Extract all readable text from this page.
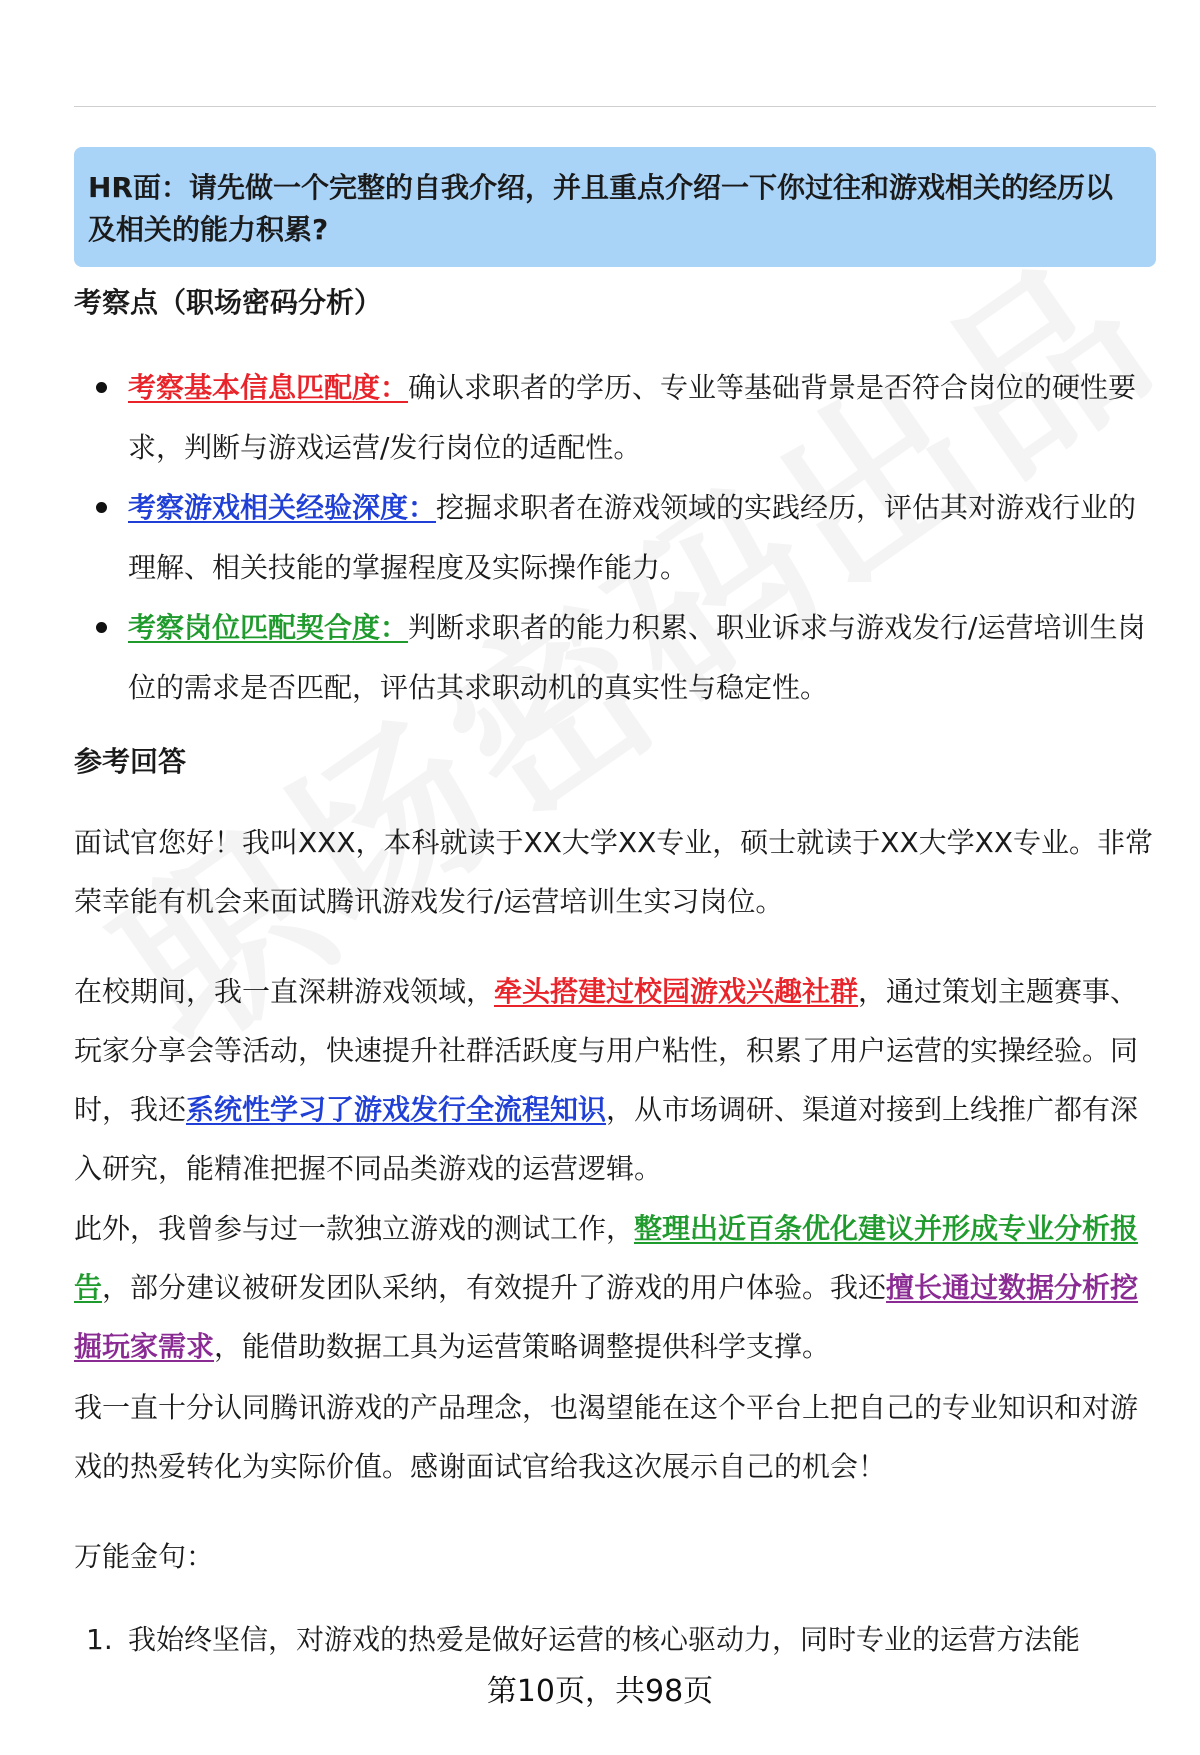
HR面：请先做一个完整的自我介绍，并且重点介绍一下你过往和游戏相关的经历以及相关的能力积累?
考察点（职场密码分析）
考察基本信息匹配度：确认求职者的学历、专业等基础背景是否符合岗位的硬性要求，判断与游戏运营/发行岗位的适配性。
考察游戏相关经验深度：挖掘求职者在游戏领域的实践经历，评估其对游戏行业的理解、相关技能的掌握程度及实际操作能力。
考察岗位匹配契合度：判断求职者的能力积累、职业诉求与游戏发行/运营培训生岗位的需求是否匹配，评估其求职动机的真实性与稳定性。
参考回答

面试官您好！我叫XXX，本科就读于XX大学XX专业，硕士就读于XX大学XX专业。非常荣幸能有机会来面试腾讯游戏发行/运营培训生实习岗位。

在校期间，我一直深耕游戏领域，牵头搭建过校园游戏兴趣社群，通过策划主题赛事、玩家分享会等活动，快速提升社群活跃度与用户粘性，积累了用户运营的实操经验。同时，我还系统性学习了游戏发行全流程知识，从市场调研、渠道对接到上线推广都有深入研究，能精准把握不同品类游戏的运营逻辑。

此外，我曾参与过一款独立游戏的测试工作，整理出近百条优化建议并形成专业分析报告，部分建议被研发团队采纳，有效提升了游戏的用户体验。我还擅长通过数据分析挖掘玩家需求，能借助数据工具为运营策略调整提供科学支撑。

我一直十分认同腾讯游戏的产品理念，也渴望能在这个平台上把自己的专业知识和对游戏的热爱转化为实际价值。感谢面试官给我这次展示自己的机会！

万能金句：
1. 我始终坚信，对游戏的热爱是做好运营的核心驱动力，同时专业的运营方法能
第10页，共98页
